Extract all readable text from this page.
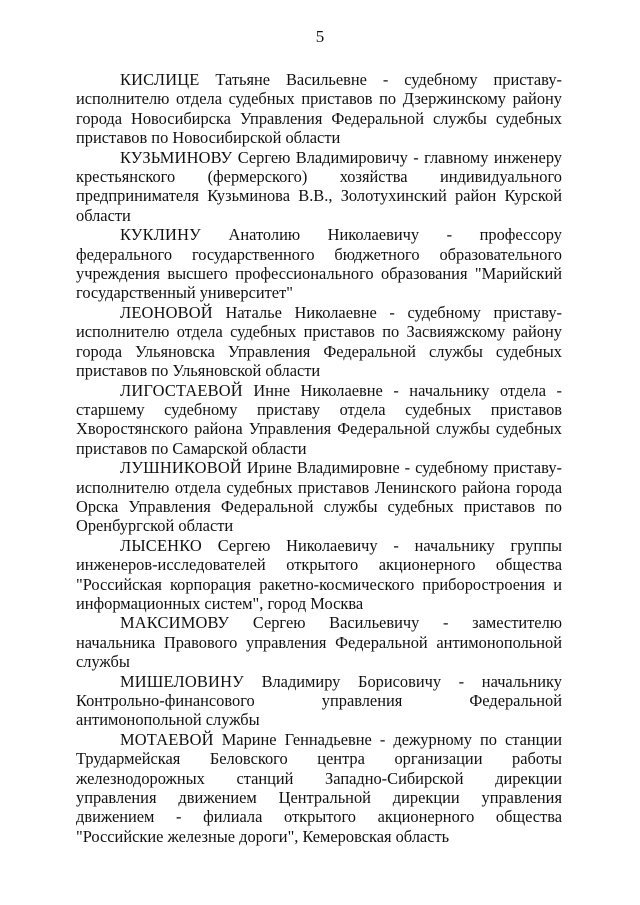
5

КИСЛИЦЕ Татьяне Васильевне - судебному приставу-исполнителю отдела судебных приставов по Дзержинскому району города Новосибирска Управления Федеральной службы судебных приставов по Новосибирской области

КУЗЬМИНОВУ Сергею Владимировичу - главному инженеру крестьянского (фермерского) хозяйства индивидуального предпринимателя Кузьминова В.В., Золотухинский район Курской области

КУКЛИНУ Анатолию Николаевичу - профессору федерального государственного бюджетного образовательного учреждения высшего профессионального образования "Марийский государственный университет"

ЛЕОНОВОЙ Наталье Николаевне - судебному приставу-исполнителю отдела судебных приставов по Засвияжскому району города Ульяновска Управления Федеральной службы судебных приставов по Ульяновской области

ЛИГОСТАЕВОЙ Инне Николаевне - начальнику отдела - старшему судебному приставу отдела судебных приставов Хворостянского района Управления Федеральной службы судебных приставов по Самарской области

ЛУШНИКОВОЙ Ирине Владимировне - судебному приставу-исполнителю отдела судебных приставов Ленинского района города Орска Управления Федеральной службы судебных приставов по Оренбургской области

ЛЫСЕНКО Сергею Николаевичу - начальнику группы инженеров-исследователей открытого акционерного общества "Российская корпорация ракетно-космического приборостроения и информационных систем", город Москва

МАКСИМОВУ Сергею Васильевичу - заместителю начальника Правового управления Федеральной антимонопольной службы

МИШЕЛОВИНУ Владимиру Борисовичу - начальнику Контрольно-финансового управления Федеральной антимонопольной службы

МОТАЕВОЙ Марине Геннадьевне - дежурному по станции Трудармейская Беловского центра организации работы железнодорожных станций Западно-Сибирской дирекции управления движением Центральной дирекции управления движением - филиала открытого акционерного общества "Российские железные дороги", Кемеровская область
